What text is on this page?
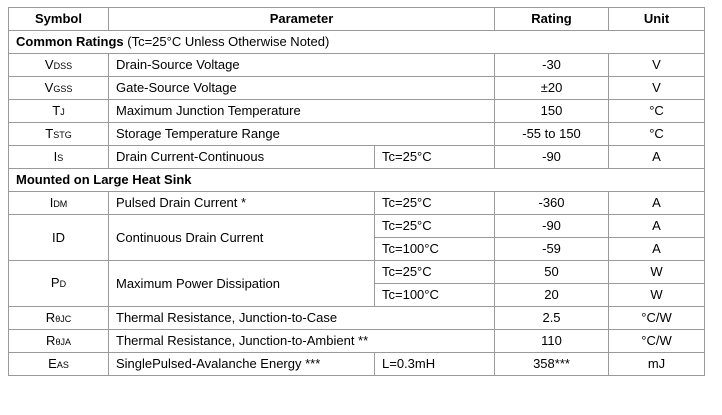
Symbol	Parameter		Rating	Unit
Common Ratings (Tc=25°C Unless Otherwise Noted)				
VDSS	Drain-Source Voltage		-30	V
VGSS	Gate-Source Voltage		±20	V
TJ	Maximum Junction Temperature		150	°C
TSTG	Storage Temperature Range		-55 to 150	°C
IS	Drain Current-Continuous	Tc=25°C	-90	A
Mounted on Large Heat Sink				
IDM	Pulsed Drain Current *	Tc=25°C	-360	A
ID	Continuous Drain Current	Tc=25°C	-90	A
		Tc=100°C	-59	A
PD	Maximum Power Dissipation	Tc=25°C	50	W
		Tc=100°C	20	W
RθJC	Thermal Resistance, Junction-to-Case		2.5	°C/W
RθJA	Thermal Resistance, Junction-to-Ambient **		110	°C/W
EAS	SinglePulsed-Avalanche Energy ***	L=0.3mH	358***	mJ
